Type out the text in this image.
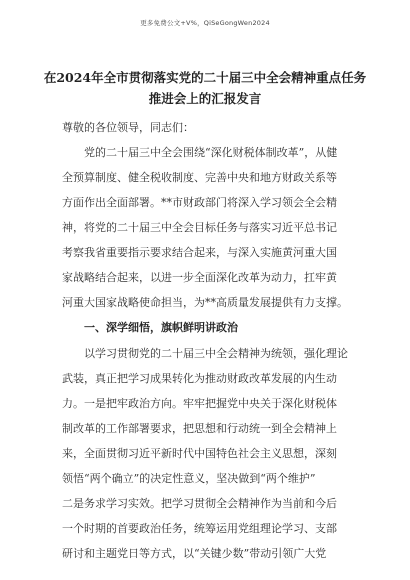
更多免费公文+V%，QiSeGongWen2024
在2024年全市贯彻落实党的二十届三中全会精神重点任务
推进会上的汇报发言
尊敬的各位领导，同志们：
党的二十届三中全会围绕“深化财税体制改革”，从健
全预算制度、健全税收制度、完善中央和地方财政关系等
方面作出全面部署。**市财政部门将深入学习领会全会精
神，将党的二十届三中全会目标任务与落实习近平总书记
考察我省重要指示要求结合起来，与深入实施黄河重大国
家战略结合起来，以进一步全面深化改革为动力，扛牢黄
河重大国家战略使命担当，为**高质量发展提供有力支撑。
一、深学细悟，旗帜鲜明讲政治
以学习贯彻党的二十届三中全会精神为统领，强化理论
武装，真正把学习成果转化为推动财政改革发展的内生动
力。一是把牢政治方向。牢牢把握党中央关于深化财税体
制改革的工作部署要求，把思想和行动统一到全会精神上
来，全面贯彻习近平新时代中国特色社会主义思想，深刻
领悟“两个确立”的决定性意义，坚决做到“两个维护”
二是务求学习实效。把学习贯彻全会精神作为当前和今后
一个时期的首要政治任务，统筹运用党组理论学习、支部
研讨和主题党日等方式，以“关键少数”带动引领广大党
